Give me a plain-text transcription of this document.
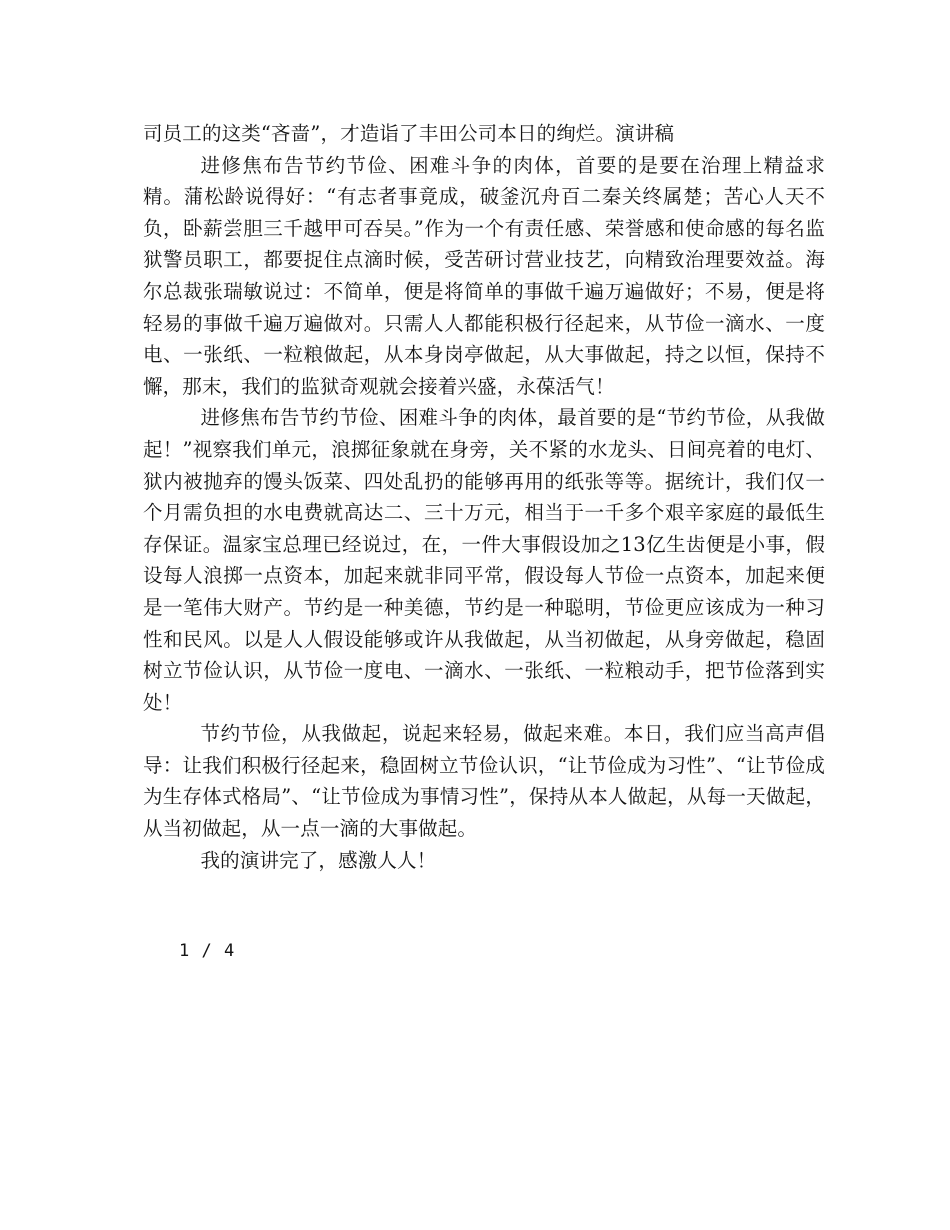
司员工的这类“吝啬”，才造诣了丰田公司本日的绚烂。演讲稿

进修焦布告节约节俭、困难斗争的肉体，首要的是要在治理上精益求精。蒲松龄说得好：“有志者事竟成，破釜沉舟百二秦关终属楚；苦心人天不负，卧薪尝胆三千越甲可吞吴。”作为一个有责任感、荣誉感和使命感的每名监狱警员职工，都要捉住点滴时候，受苦研讨营业技艺，向精致治理要效益。海尔总裁张瑞敏说过：不简单，便是将简单的事做千遍万遍做好；不易，便是将轻易的事做千遍万遍做对。只需人人都能积极行径起来，从节俭一滴水、一度电、一张纸、一粒粮做起，从本身岗亭做起，从大事做起，持之以恒，保持不懈，那末，我们的监狱奇观就会接着兴盛，永葆活气！

进修焦布告节约节俭、困难斗争的肉体，最首要的是“节约节俭，从我做起！”视察我们单元，浪掷征象就在身旁，关不紧的水龙头、日间亮着的电灯、狱内被抛弃的馒头饭菜、四处乱扔的能够再用的纸张等等。据统计，我们仅一个月需负担的水电费就高达二、三十万元，相当于一千多个艰辛家庭的最低生存保证。温家宝总理已经说过，在，一件大事假设加之13亿生齿便是小事，假设每人浪掷一点资本，加起来就非同平常，假设每人节俭一点资本，加起来便是一笔伟大财产。节约是一种美德，节约是一种聪明，节俭更应该成为一种习性和民风。以是人人假设能够或许从我做起，从当初做起，从身旁做起，稳固树立节俭认识，从节俭一度电、一滴水、一张纸、一粒粮动手，把节俭落到实处！

节约节俭，从我做起，说起来轻易，做起来难。本日，我们应当高声倡导：让我们积极行径起来，稳固树立节俭认识，“让节俭成为习性”、“让节俭成为生存体式格局”、“让节俭成为事情习性”，保持从本人做起，从每一天做起，从当初做起，从一点一滴的大事做起。

我的演讲完了，感激人人！

1 / 4
